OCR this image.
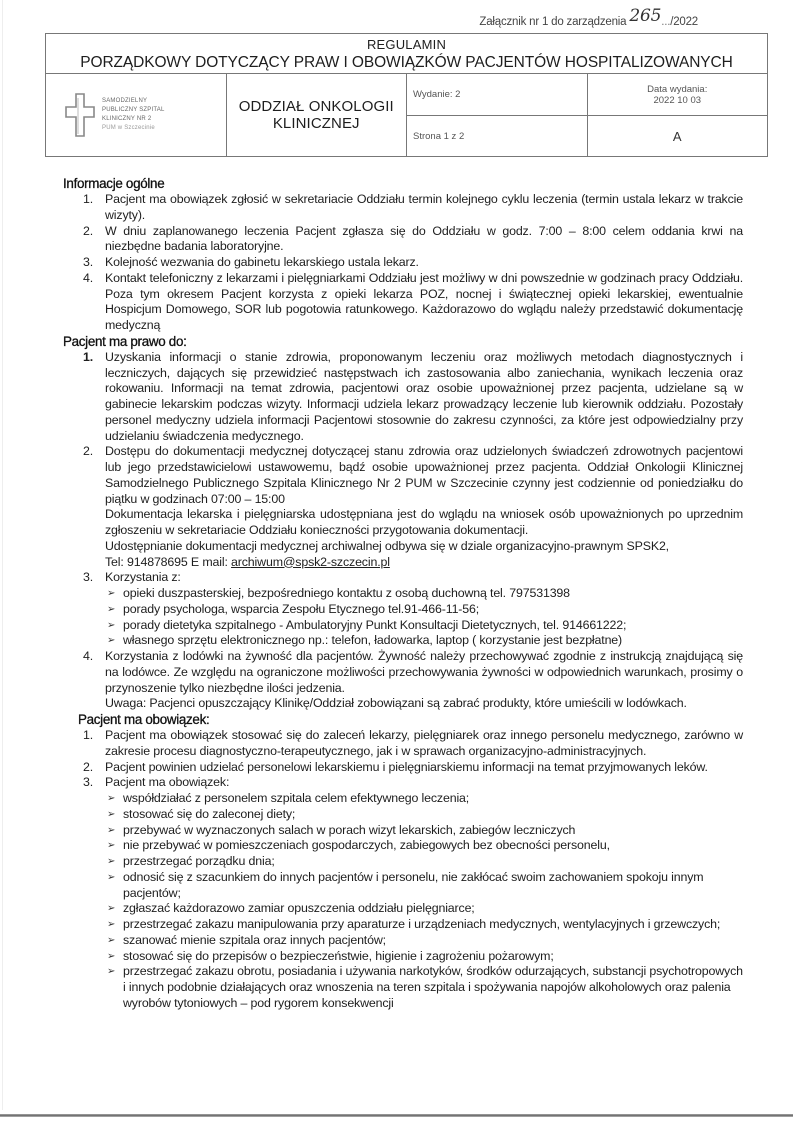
Załącznik nr 1 do zarządzenia 265.../2022
REGULAMIN
PORZĄDKOWY DOTYCZĄCY PRAW I OBOWIĄZKÓW PACJENTÓW HOSPITALIZOWANYCH			

SAMODZIELNY
PUBLICZNY SZPITAL
KLINICZNY NR 2
PUM w Szczecinie
	ODDZIAŁ ONKOLOGII KLINICZNEJ	Wydanie: 2	Data wydania:
2022 10 03

		Strona 1 z 2	A
Informacje ogólne
1. Pacjent ma obowiązek zgłosić w sekretariacie Oddziału termin kolejnego cyklu leczenia (termin ustala lekarz w trakcie wizyty).
2. W dniu zaplanowanego leczenia Pacjent zgłasza się do Oddziału w godz. 7:00 – 8:00 celem oddania krwi na niezbędne badania laboratoryjne.
3. Kolejność wezwania do gabinetu lekarskiego ustala lekarz.
4. Kontakt telefoniczny z lekarzami i pielęgniarkami Oddziału jest możliwy w dni powszednie w godzinach pracy Oddziału. Poza tym okresem Pacjent korzysta z opieki lekarza POZ, nocnej i świątecznej opieki lekarskiej, ewentualnie Hospicjum Domowego, SOR lub pogotowia ratunkowego. Każdorazowo do wglądu należy przedstawić dokumentację medyczną
Pacjent ma prawo do:
1. Uzyskania informacji o stanie zdrowia, proponowanym leczeniu oraz możliwych metodach diagnostycznych i leczniczych, dających się przewidzieć następstwach ich zastosowania albo zaniechania, wynikach leczenia oraz rokowaniu. Informacji na temat zdrowia, pacjentowi oraz osobie upoważnionej przez pacjenta, udzielane są w gabinecie lekarskim podczas wizyty. Informacji udziela lekarz prowadzący leczenie lub kierownik oddziału. Pozostały personel medyczny udziela informacji Pacjentowi stosownie do zakresu czynności, za które jest odpowiedzialny przy udzielaniu świadczenia medycznego.
2. Dostępu do dokumentacji medycznej dotyczącej stanu zdrowia oraz udzielonych świadczeń zdrowotnych pacjentowi lub jego przedstawicielowi ustawowemu, bądź osobie upoważnionej przez pacjenta. Oddział Onkologii Klinicznej Samodzielnego Publicznego Szpitala Klinicznego Nr 2 PUM w Szczecinie czynny jest codziennie od poniedziałku do piątku w godzinach 07:00 – 15:00
Dokumentacja lekarska i pielęgniarska udostępniana jest do wglądu na wniosek osób upoważnionych po uprzednim zgłoszeniu w sekretariacie Oddziału konieczności przygotowania dokumentacji.
Udostępnianie dokumentacji medycznej archiwalnej odbywa się w dziale organizacyjno-prawnym SPSK2,
Tel: 914878695 E mail: archiwum@spsk2-szczecin.pl
3. Korzystania z:
➢ opieki duszpasterskiej, bezpośredniego kontaktu z osobą duchowną tel. 797531398
➢ porady psychologa, wsparcia Zespołu Etycznego tel.91-466-11-56;
➢ porady dietetyka szpitalnego - Ambulatoryjny Punkt Konsultacji Dietetycznych, tel. 914661222;
➢ własnego sprzętu elektronicznego np.: telefon, ładowarka, laptop ( korzystanie jest bezpłatne)
4. Korzystania z lodówki na żywność dla pacjentów. Żywność należy przechowywać zgodnie z instrukcją znajdującą się na lodówce. Ze względu na ograniczone możliwości przechowywania żywności w odpowiednich warunkach, prosimy o przynoszenie tylko niezbędne ilości jedzenia.
Uwaga: Pacjenci opuszczający Klinikę/Oddział zobowiązani są zabrać produkty, które umieścili w lodówkach.
Pacjent ma obowiązek:
1. Pacjent ma obowiązek stosować się do zaleceń lekarzy, pielęgniarek oraz innego personelu medycznego, zarówno w zakresie procesu diagnostyczno-terapeutycznego, jak i w sprawach organizacyjno-administracyjnych.
2. Pacjent powinien udzielać personelowi lekarskiemu i pielęgniarskiemu informacji na temat przyjmowanych leków.
3. Pacjent ma obowiązek:
➢ współdziałać z personelem szpitala celem efektywnego leczenia;
➢ stosować się do zaleconej diety;
➢ przebywać w wyznaczonych salach w porach wizyt lekarskich, zabiegów leczniczych
➢ nie przebywać w pomieszczeniach gospodarczych, zabiegowych bez obecności personelu,
➢ przestrzegać porządku dnia;
➢ odnosić się z szacunkiem do innych pacjentów i personelu, nie zakłócać swoim zachowaniem spokoju innym pacjentów;
➢ zgłaszać każdorazowo zamiar opuszczenia oddziału pielęgniarce;
➢ przestrzegać zakazu manipulowania przy aparaturze i urządzeniach medycznych, wentylacyjnych i grzewczych;
➢ szanować mienie szpitala oraz innych pacjentów;
➢ stosować się do przepisów o bezpieczeństwie, higienie i zagrożeniu pożarowym;
➢ przestrzegać zakazu obrotu, posiadania i używania narkotyków, środków odurzających, substancji psychotropowych i innych podobnie działających oraz wnoszenia na teren szpitala i spożywania napojów alkoholowych oraz palenia wyrobów tytoniowych – pod rygorem konsekwencji
